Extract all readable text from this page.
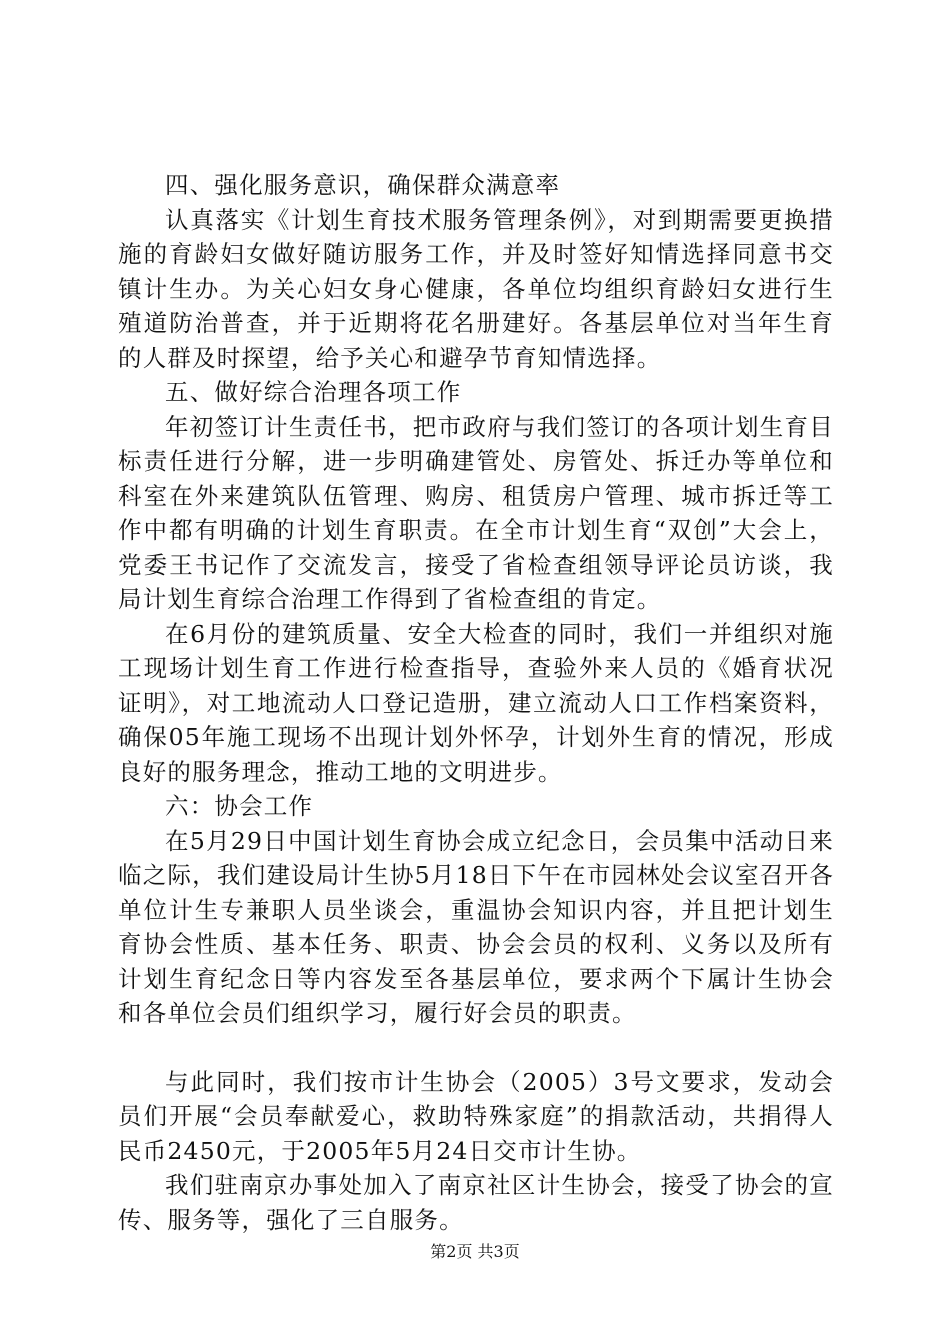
四、强化服务意识，确保群众满意率

认真落实《计划生育技术服务管理条例》，对到期需要更换措施的育龄妇女做好随访服务工作，并及时签好知情选择同意书交镇计生办。为关心妇女身心健康，各单位均组织育龄妇女进行生殖道防治普查，并于近期将花名册建好。各基层单位对当年生育的人群及时探望，给予关心和避孕节育知情选择。

五、做好综合治理各项工作

年初签订计生责任书，把市政府与我们签订的各项计划生育目标责任进行分解，进一步明确建管处、房管处、拆迁办等单位和科室在外来建筑队伍管理、购房、租赁房户管理、城市拆迁等工作中都有明确的计划生育职责。在全市计划生育“双创”大会上，党委王书记作了交流发言，接受了省检查组领导评论员访谈，我局计划生育综合治理工作得到了省检查组的肯定。

在6月份的建筑质量、安全大检查的同时，我们一并组织对施工现场计划生育工作进行检查指导，查验外来人员的《婚育状况证明》，对工地流动人口登记造册，建立流动人口工作档案资料，确保05年施工现场不出现计划外怀孕，计划外生育的情况，形成良好的服务理念，推动工地的文明进步。

六：协会工作

在5月29日中国计划生育协会成立纪念日，会员集中活动日来临之际，我们建设局计生协5月18日下午在市园林处会议室召开各单位计生专兼职人员坐谈会，重温协会知识内容，并且把计划生育协会性质、基本任务、职责、协会会员的权利、义务以及所有计划生育纪念日等内容发至各基层单位，要求两个下属计生协会和各单位会员们组织学习，履行好会员的职责。

与此同时，我们按市计生协会（2005）3号文要求，发动会员们开展“会员奉献爱心，救助特殊家庭”的捐款活动，共捐得人民币2450元，于2005年5月24日交市计生协。

我们驻南京办事处加入了南京社区计生协会，接受了协会的宣传、服务等，强化了三自服务。

第2页 共3页
